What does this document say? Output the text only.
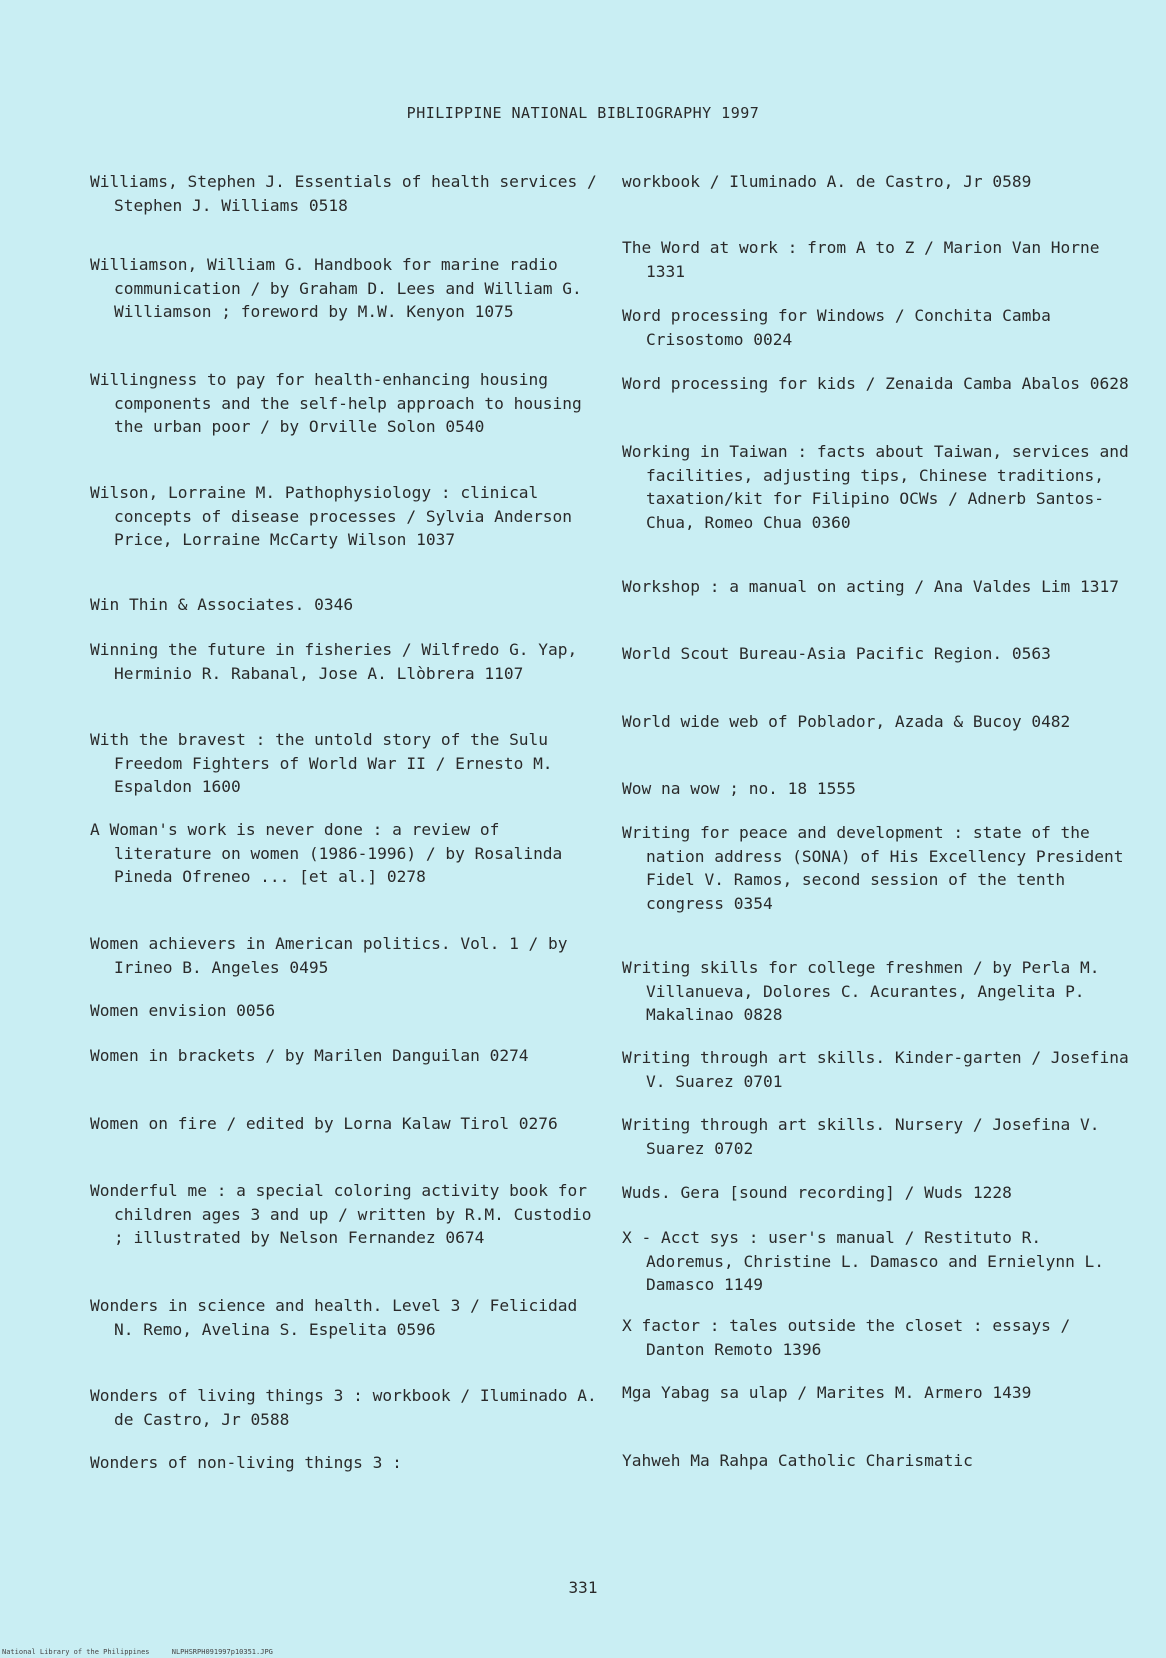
PHILIPPINE NATIONAL BIBLIOGRAPHY 1997
Williams, Stephen J. Essentials of health services / Stephen J. Williams 0518
Williamson, William G. Handbook for marine radio communication / by Graham D. Lees and William G. Williamson ; foreword by M.W. Kenyon 1075
Willingness to pay for health-enhancing housing components and the self-help approach to housing the urban poor / by Orville Solon 0540
Wilson, Lorraine M. Pathophysiology : clinical concepts of disease processes / Sylvia Anderson Price, Lorraine McCarty Wilson 1037
Win Thin & Associates. 0346
Winning the future in fisheries / Wilfredo G. Yap, Herminio R. Rabanal, Jose A. Llòbrera 1107
With the bravest : the untold story of the Sulu Freedom Fighters of World War II / Ernesto M. Espaldon 1600
A Woman's work is never done : a review of literature on women (1986-1996) / by Rosalinda Pineda Ofreneo ... [et al.] 0278
Women achievers in American politics. Vol. 1 / by Irineo B. Angeles 0495
Women envision 0056
Women in brackets / by Marilen Danguilan 0274
Women on fire / edited by Lorna Kalaw Tirol 0276
Wonderful me : a special coloring activity book for children ages 3 and up / written by R.M. Custodio ; illustrated by Nelson Fernandez 0674
Wonders in science and health. Level 3 / Felicidad N. Remo, Avelina S. Espelita 0596
Wonders of living things 3 : workbook / Iluminado A. de Castro, Jr 0588
Wonders of non-living things 3 :
workbook / Iluminado A. de Castro, Jr 0589
The Word at work : from A to Z / Marion Van Horne 1331
Word processing for Windows / Conchita Camba Crisostomo 0024
Word processing for kids / Zenaida Camba Abalos 0628
Working in Taiwan : facts about Taiwan, services and facilities, adjusting tips, Chinese traditions, taxation/kit for Filipino OCWs / Adnerb Santos-Chua, Romeo Chua 0360
Workshop : a manual on acting / Ana Valdes Lim 1317
World Scout Bureau-Asia Pacific Region. 0563
World wide web of Poblador, Azada & Bucoy 0482
Wow na wow ; no. 18 1555
Writing for peace and development : state of the nation address (SONA) of His Excellency President Fidel V. Ramos, second session of the tenth congress 0354
Writing skills for college freshmen / by Perla M. Villanueva, Dolores C. Acurantes, Angelita P. Makalinao 0828
Writing through art skills. Kinder-garten / Josefina V. Suarez 0701
Writing through art skills. Nursery / Josefina V. Suarez 0702
Wuds. Gera [sound recording] / Wuds 1228
X - Acct sys : user's manual / Restituto R. Adoremus, Christine L. Damasco and Ernielynn L. Damasco 1149
X factor : tales outside the closet : essays / Danton Remoto 1396
Mga Yabag sa ulap / Marites M. Armero 1439
Yahweh Ma Rahpa Catholic Charismatic
331
National Library of the Philippines	NLPHSRPH091997p10351.JPG
